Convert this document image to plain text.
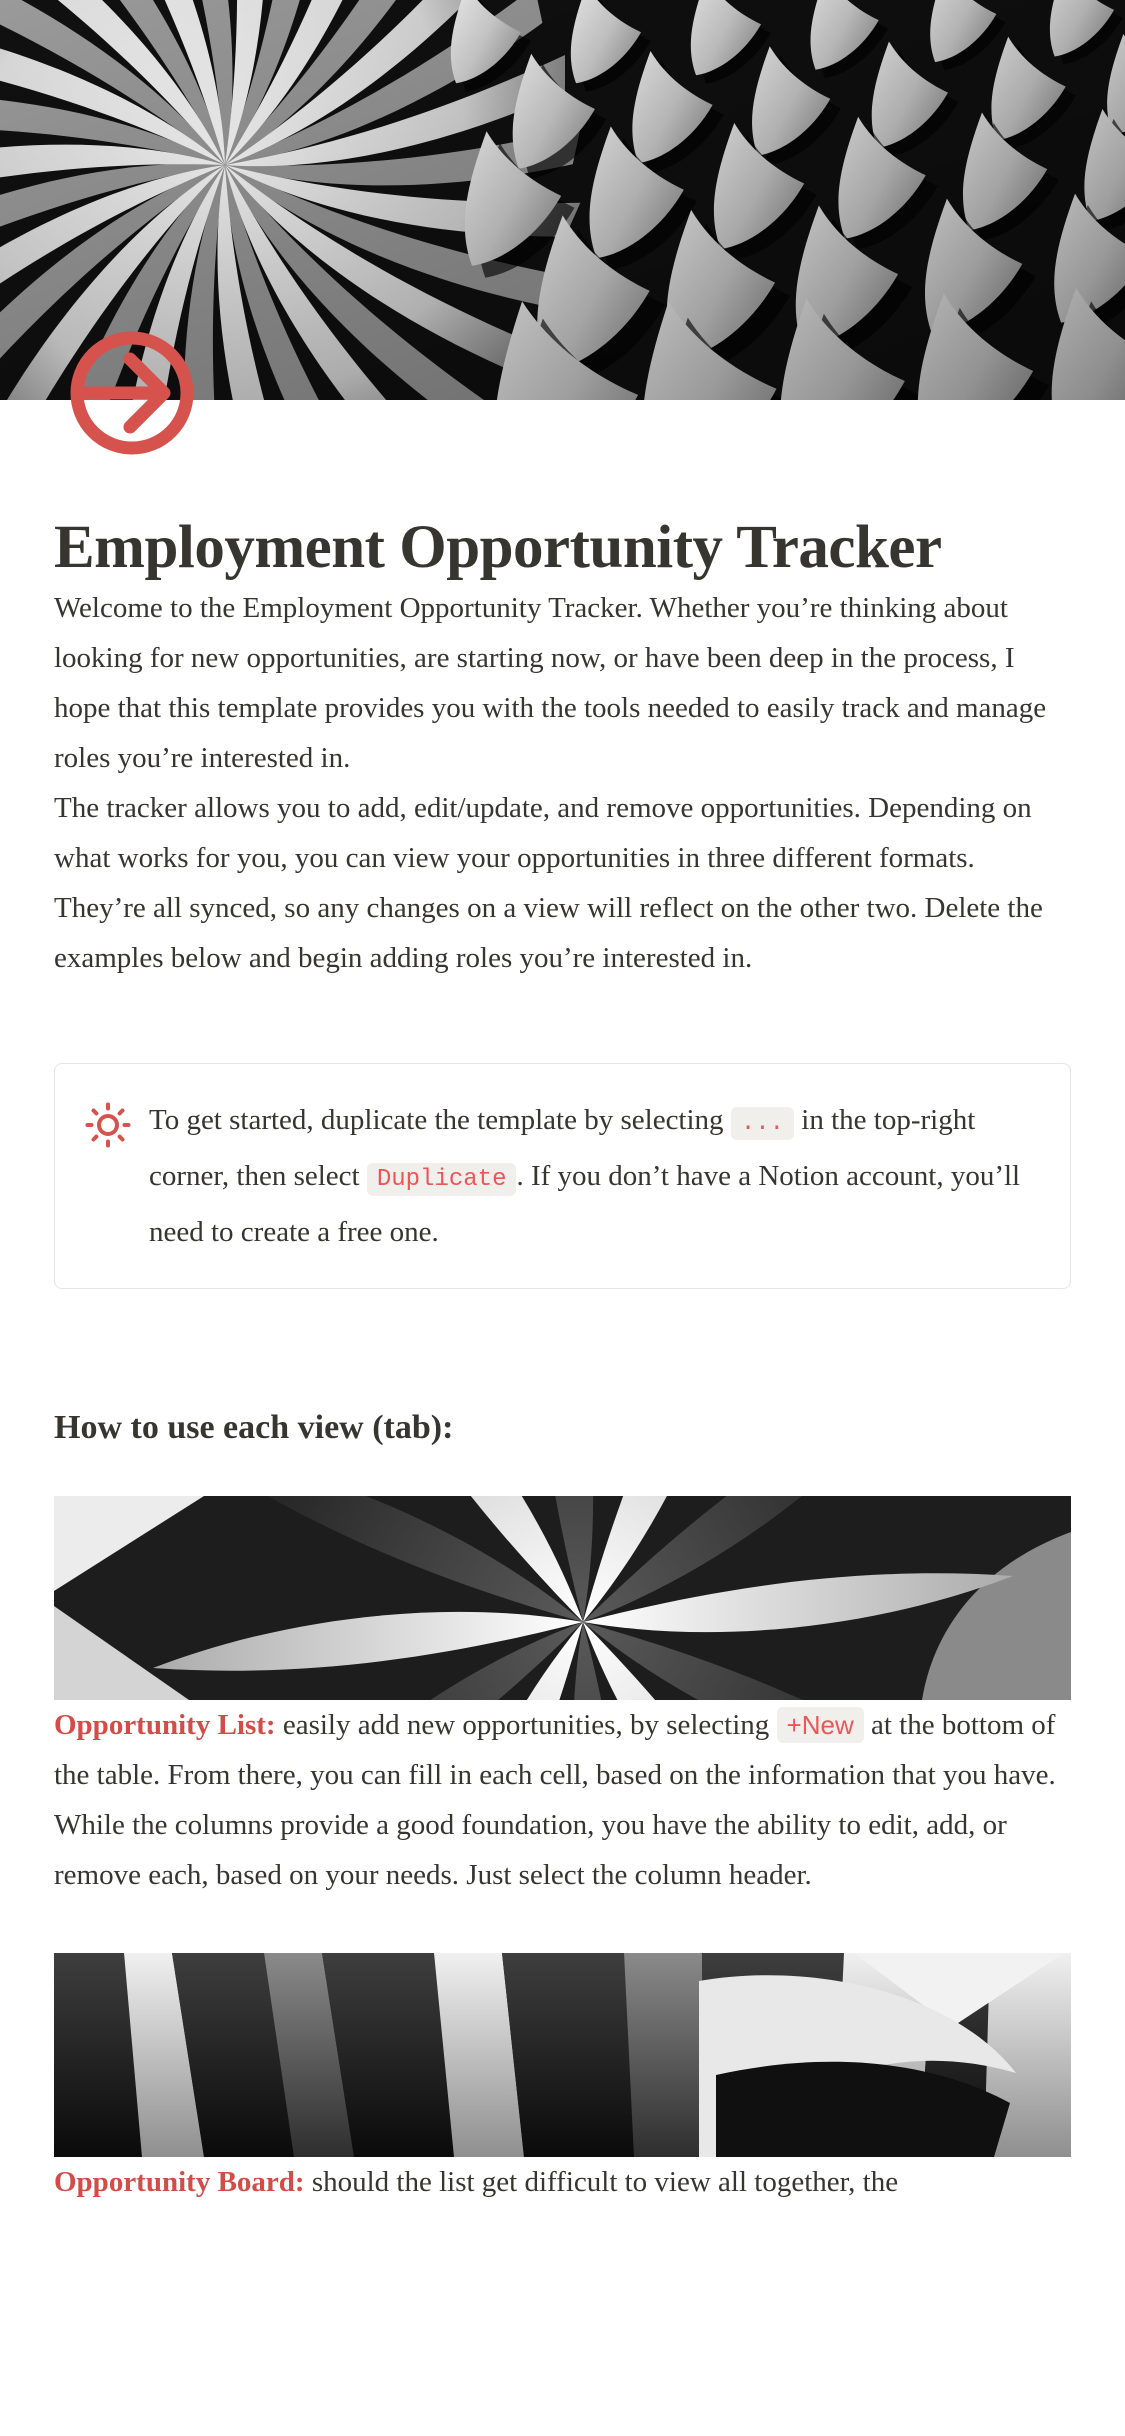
Employment Opportunity Tracker

Welcome to the Employment Opportunity Tracker. Whether you’re thinking about looking for new opportunities, are starting now, or have been deep in the process, I hope that this template provides you with the tools needed to easily track and manage roles you’re interested in.

The tracker allows you to add, edit/update, and remove opportunities. Depending on what works for you, you can view your opportunities in three different formats. They’re all synced, so any changes on a view will reflect on the other two. Delete the examples below and begin adding roles you’re interested in.

To get started, duplicate the template by selecting ... in the top-right corner, then select Duplicate . If you don’t have a Notion account, you’ll need to create a free one.
How to use each view (tab):

Opportunity List: easily add new opportunities, by selecting +New at the bottom of the table. From there, you can fill in each cell, based on the information that you have.

While the columns provide a good foundation, you have the ability to edit, add, or remove each, based on your needs. Just select the column header.

Opportunity Board: should the list get difficult to view all together, the
